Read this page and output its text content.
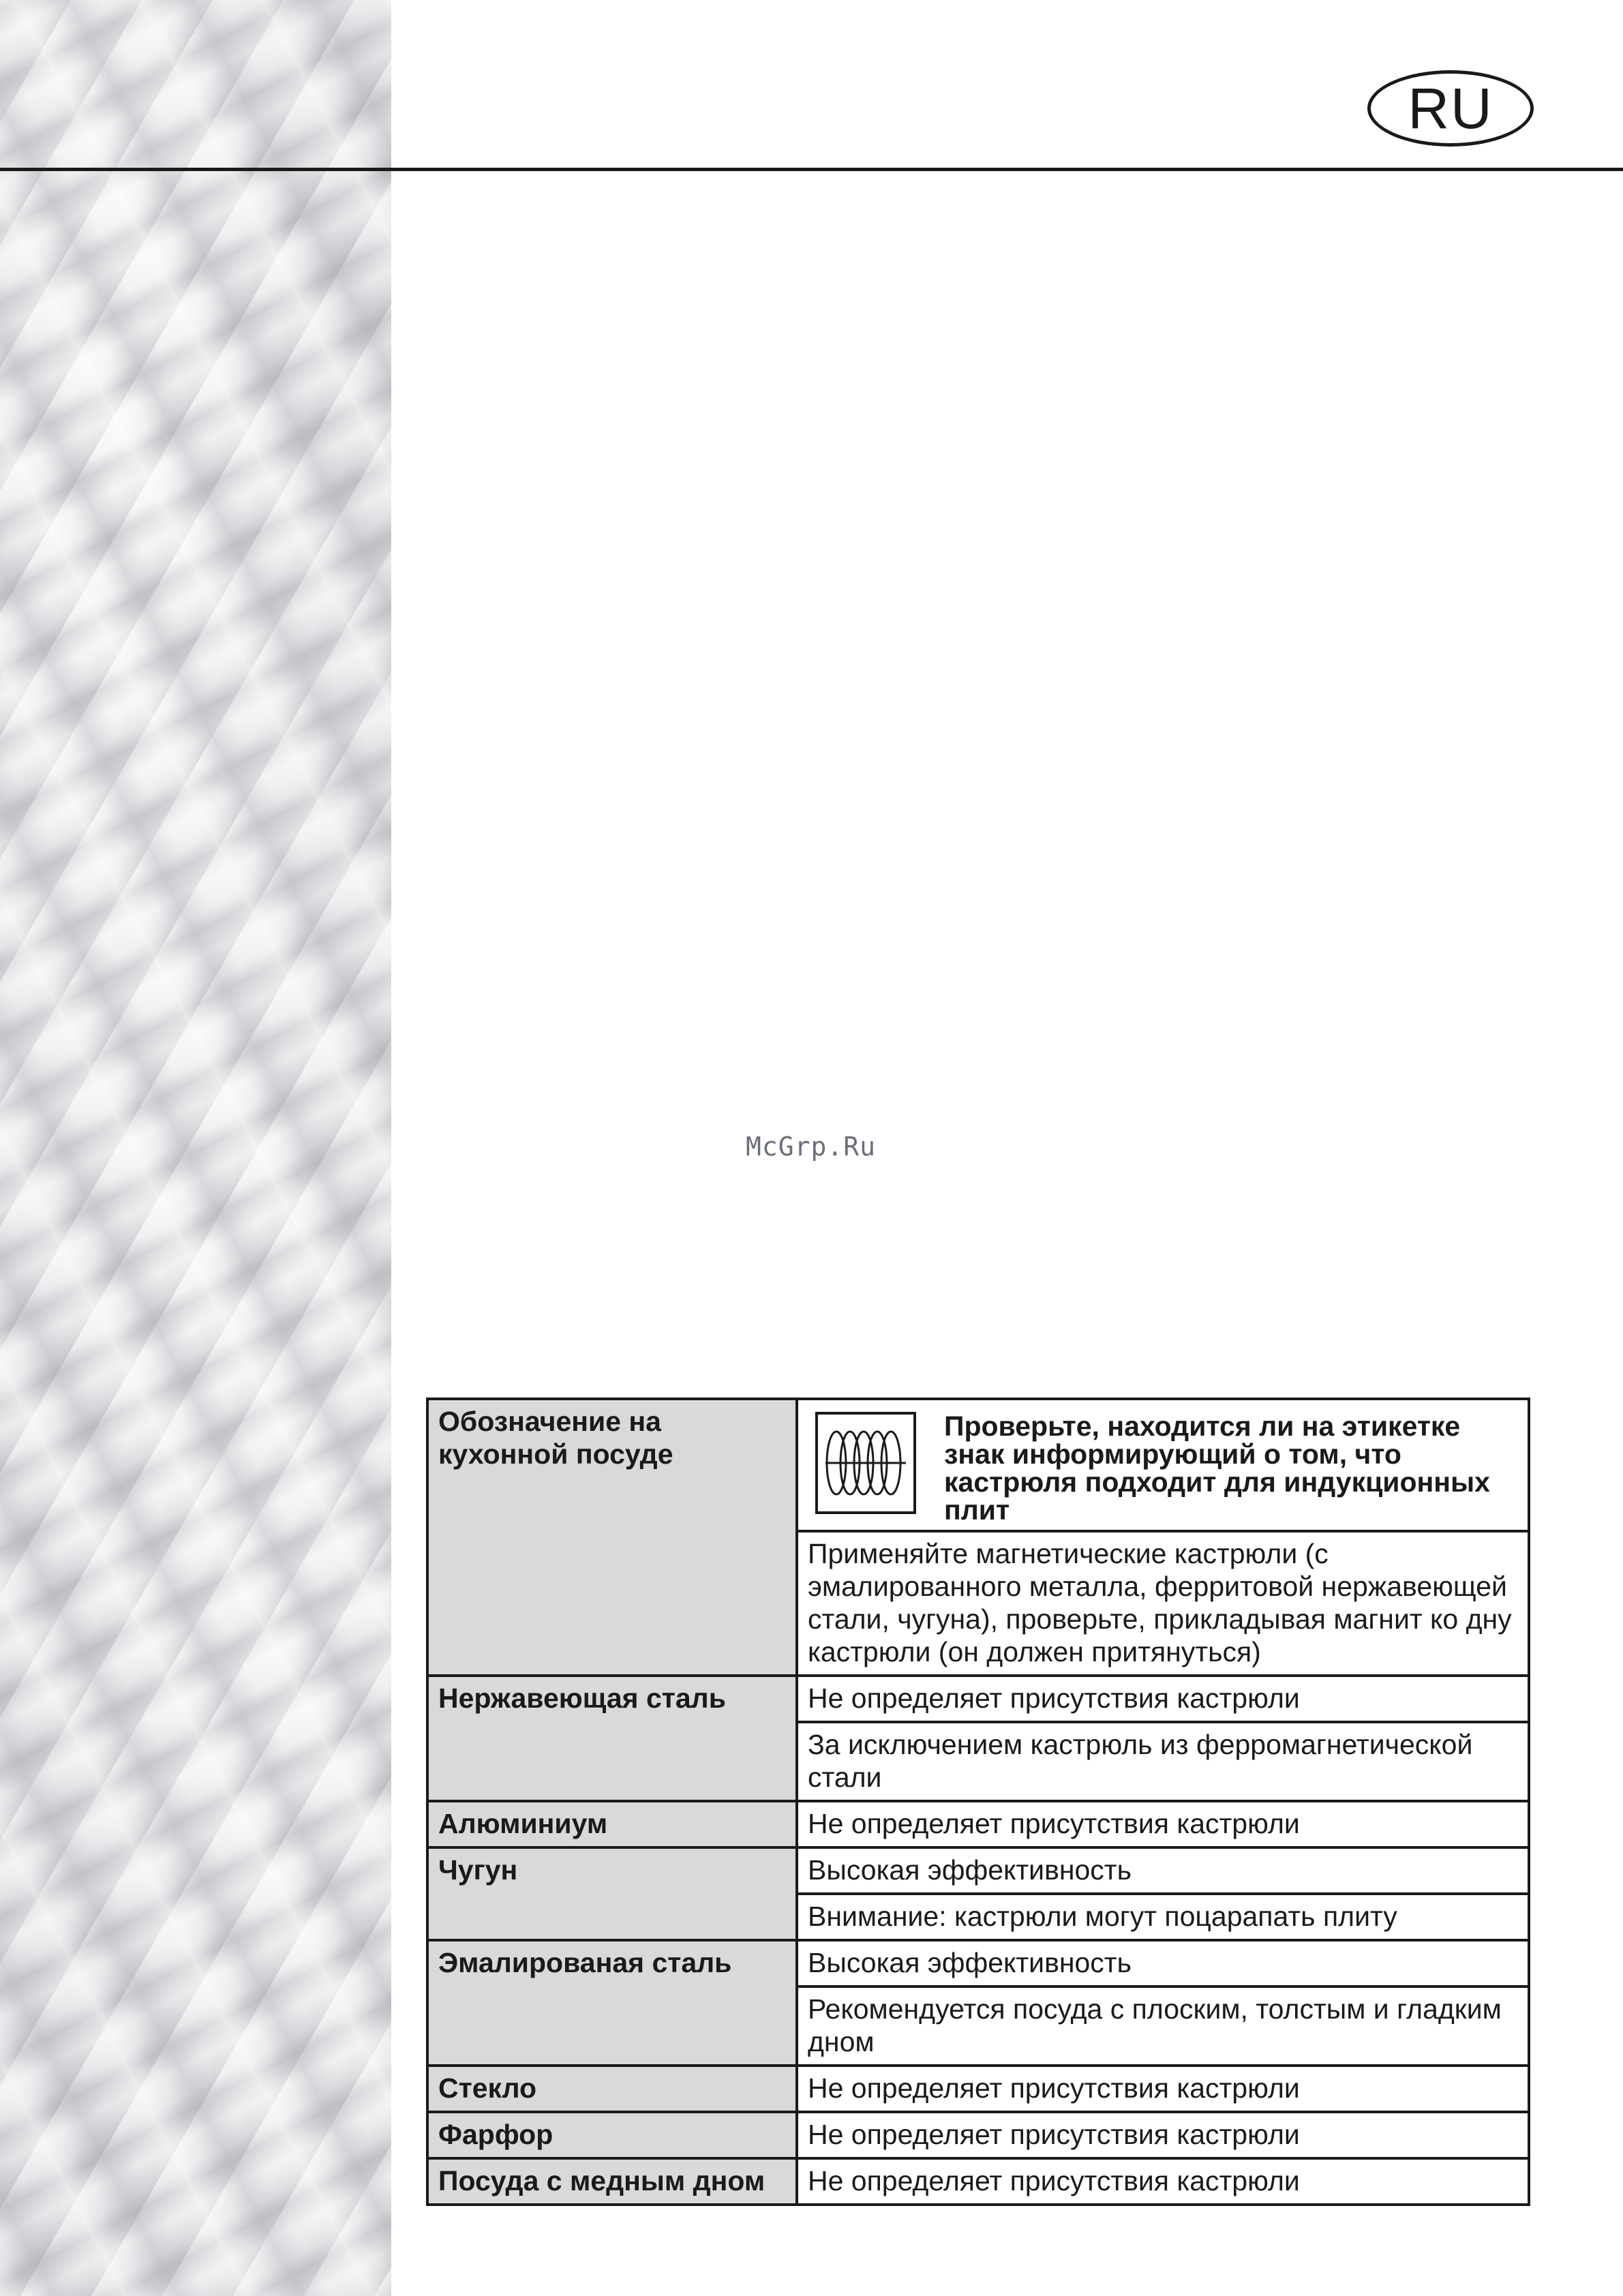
RU
McGrp.Ru
Обозначение на кухонной посуде	Проверьте, находится ли на этикетке знак информирующий о том, что кастрюля подходит для индукционных плит

	Применяйте магнетические кастрюли (с эмалированного металла, ферритовой нержавеющей стали, чугуна), проверьте, прикладывая магнит ко дну кастрюли (он должен притянуться)
Нержавеющая сталь	Не определяет присутствия кастрюли
	За исключением кастрюль из ферромагнетической стали
Алюминиум	Не определяет присутствия кастрюли
Чугун	Высокая эффективность
	Внимание: кастрюли могут поцарапать плиту
Эмалированая сталь	Высокая эффективность
	Рекомендуется посуда с плоским, толстым и гладким дном
Стекло	Не определяет присутствия кастрюли
Фарфор	Не определяет присутствия кастрюли
Посуда с медным дном	Не определяет присутствия кастрюли
